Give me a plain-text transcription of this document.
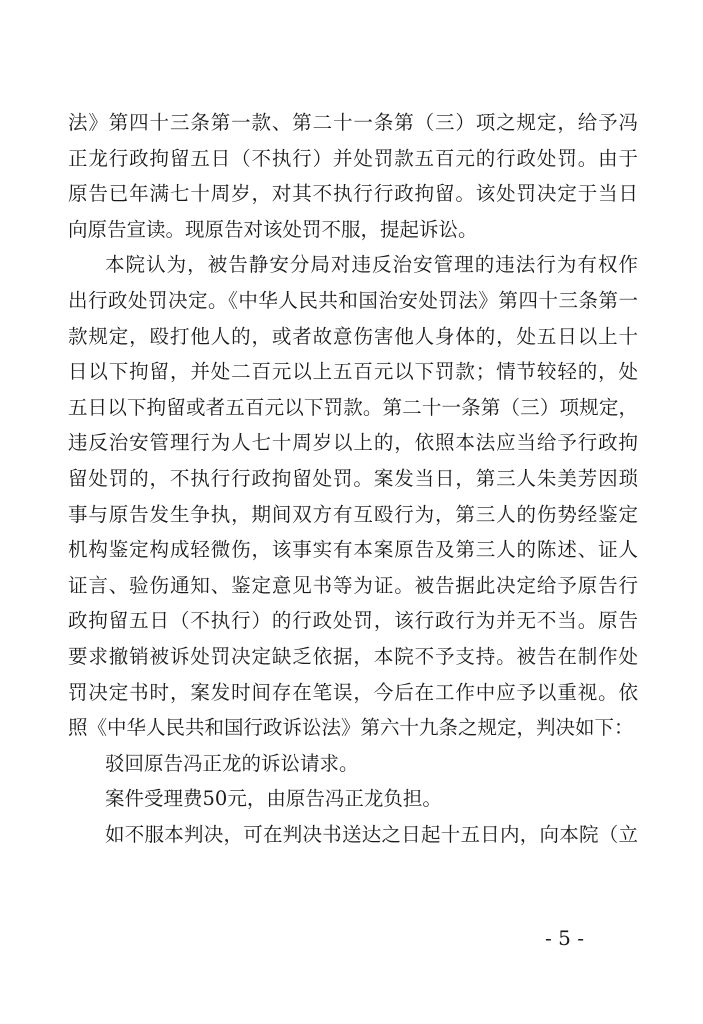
法》第四十三条第一款、第二十一条第（三）项之规定，给予冯
正龙行政拘留五日（不执行）并处罚款五百元的行政处罚。由于
原告已年满七十周岁，对其不执行行政拘留。该处罚决定于当日
向原告宣读。现原告对该处罚不服，提起诉讼。
本院认为，被告静安分局对违反治安管理的违法行为有权作
出行政处罚决定。《中华人民共和国治安处罚法》第四十三条第一
款规定，殴打他人的，或者故意伤害他人身体的，处五日以上十
日以下拘留，并处二百元以上五百元以下罚款；情节较轻的，处
五日以下拘留或者五百元以下罚款。第二十一条第（三）项规定，
违反治安管理行为人七十周岁以上的，依照本法应当给予行政拘
留处罚的，不执行行政拘留处罚。案发当日，第三人朱美芳因琐
事与原告发生争执，期间双方有互殴行为，第三人的伤势经鉴定
机构鉴定构成轻微伤，该事实有本案原告及第三人的陈述、证人
证言、验伤通知、鉴定意见书等为证。被告据此决定给予原告行
政拘留五日（不执行）的行政处罚，该行政行为并无不当。原告
要求撤销被诉处罚决定缺乏依据，本院不予支持。被告在制作处
罚决定书时，案发时间存在笔误，今后在工作中应予以重视。依
照《中华人民共和国行政诉讼法》第六十九条之规定，判决如下：
驳回原告冯正龙的诉讼请求。
案件受理费50元，由原告冯正龙负担。
如不服本判决，可在判决书送达之日起十五日内，向本院（立
- 5 -
